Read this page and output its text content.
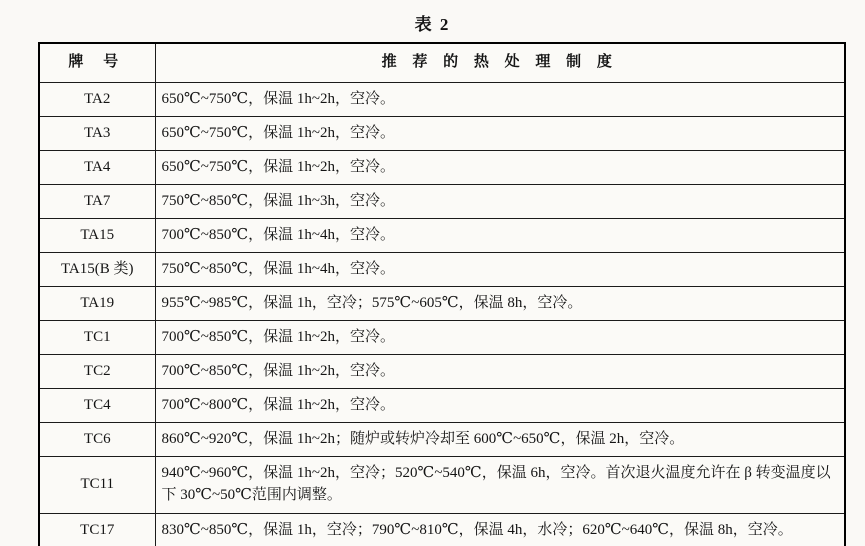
表 2
牌 号	推 荐 的 热 处 理 制 度
TA2	650℃~750℃，保温 1h~2h，空冷。
TA3	650℃~750℃，保温 1h~2h，空冷。
TA4	650℃~750℃，保温 1h~2h，空冷。
TA7	750℃~850℃，保温 1h~3h，空冷。
TA15	700℃~850℃，保温 1h~4h，空冷。
TA15(B 类)	750℃~850℃，保温 1h~4h，空冷。
TA19	955℃~985℃，保温 1h，空冷；575℃~605℃，保温 8h，空冷。
TC1	700℃~850℃，保温 1h~2h，空冷。
TC2	700℃~850℃，保温 1h~2h，空冷。
TC4	700℃~800℃，保温 1h~2h，空冷。
TC6	860℃~920℃，保温 1h~2h；随炉或转炉冷却至 600℃~650℃，保温 2h，空冷。
TC11	940℃~960℃，保温 1h~2h，空冷；520℃~540℃，保温 6h，空冷。首次退火温度允许在 β 转变温度以下 30℃~50℃范围内调整。
TC17	830℃~850℃，保温 1h，空冷；790℃~810℃，保温 4h，水冷；620℃~640℃，保温 8h，空冷。
